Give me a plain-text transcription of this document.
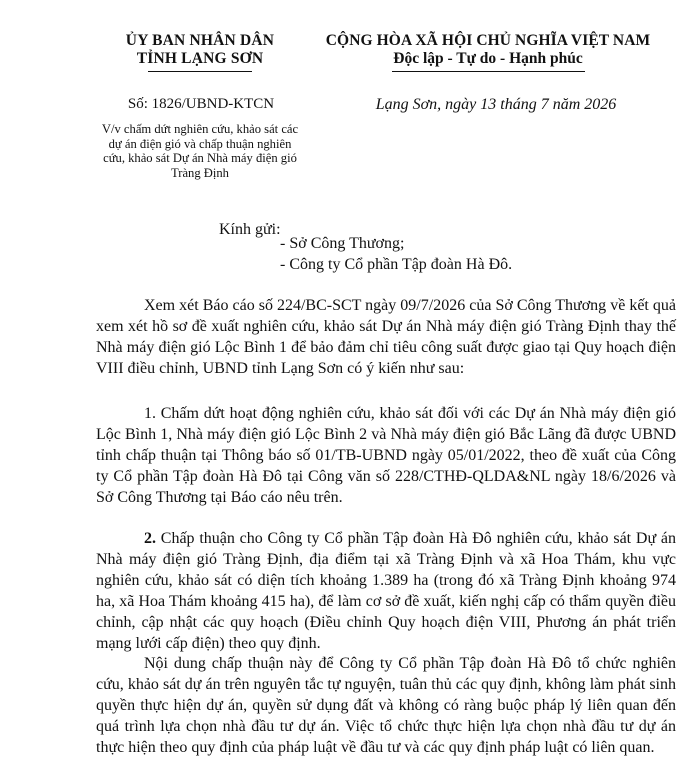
ỦY BAN NHÂN DÂN
TỈNH LẠNG SƠN
CỘNG HÒA XÃ HỘI CHỦ NGHĨA VIỆT NAM
Độc lập - Tự do - Hạnh phúc
Số: 1826/UBND-KTCN	Lạng Sơn, ngày 13 tháng 7 năm 2026
V/v chấm dứt nghiên cứu, khảo sát các dự án điện gió và chấp thuận nghiên cứu, khảo sát Dự án Nhà máy điện gió Tràng Định
Kính gửi:
- Sở Công Thương;
- Công ty Cổ phần Tập đoàn Hà Đô.

Xem xét Báo cáo số 224/BC-SCT ngày 09/7/2026 của Sở Công Thương về kết quả xem xét hồ sơ đề xuất nghiên cứu, khảo sát Dự án Nhà máy điện gió Tràng Định thay thế Nhà máy điện gió Lộc Bình 1 để bảo đảm chỉ tiêu công suất được giao tại Quy hoạch điện VIII điều chỉnh, UBND tỉnh Lạng Sơn có ý kiến như sau:

1. Chấm dứt hoạt động nghiên cứu, khảo sát đối với các Dự án Nhà máy điện gió Lộc Bình 1, Nhà máy điện gió Lộc Bình 2 và Nhà máy điện gió Bắc Lãng đã được UBND tỉnh chấp thuận tại Thông báo số 01/TB-UBND ngày 05/01/2022, theo đề xuất của Công ty Cổ phần Tập đoàn Hà Đô tại Công văn số 228/CTHĐ-QLDA&NL ngày 18/6/2026 và Sở Công Thương tại Báo cáo nêu trên.

2. Chấp thuận cho Công ty Cổ phần Tập đoàn Hà Đô nghiên cứu, khảo sát Dự án Nhà máy điện gió Tràng Định, địa điểm tại xã Tràng Định và xã Hoa Thám, khu vực nghiên cứu, khảo sát có diện tích khoảng 1.389 ha (trong đó xã Tràng Định khoảng 974 ha, xã Hoa Thám khoảng 415 ha), để làm cơ sở đề xuất, kiến nghị cấp có thẩm quyền điều chỉnh, cập nhật các quy hoạch (Điều chỉnh Quy hoạch điện VIII, Phương án phát triển mạng lưới cấp điện) theo quy định.

Nội dung chấp thuận này để Công ty Cổ phần Tập đoàn Hà Đô tổ chức nghiên cứu, khảo sát dự án trên nguyên tắc tự nguyện, tuân thủ các quy định, không làm phát sinh quyền thực hiện dự án, quyền sử dụng đất và không có ràng buộc pháp lý liên quan đến quá trình lựa chọn nhà đầu tư dự án. Việc tổ chức thực hiện lựa chọn nhà đầu tư dự án thực hiện theo quy định của pháp luật về đầu tư và các quy định pháp luật có liên quan.
